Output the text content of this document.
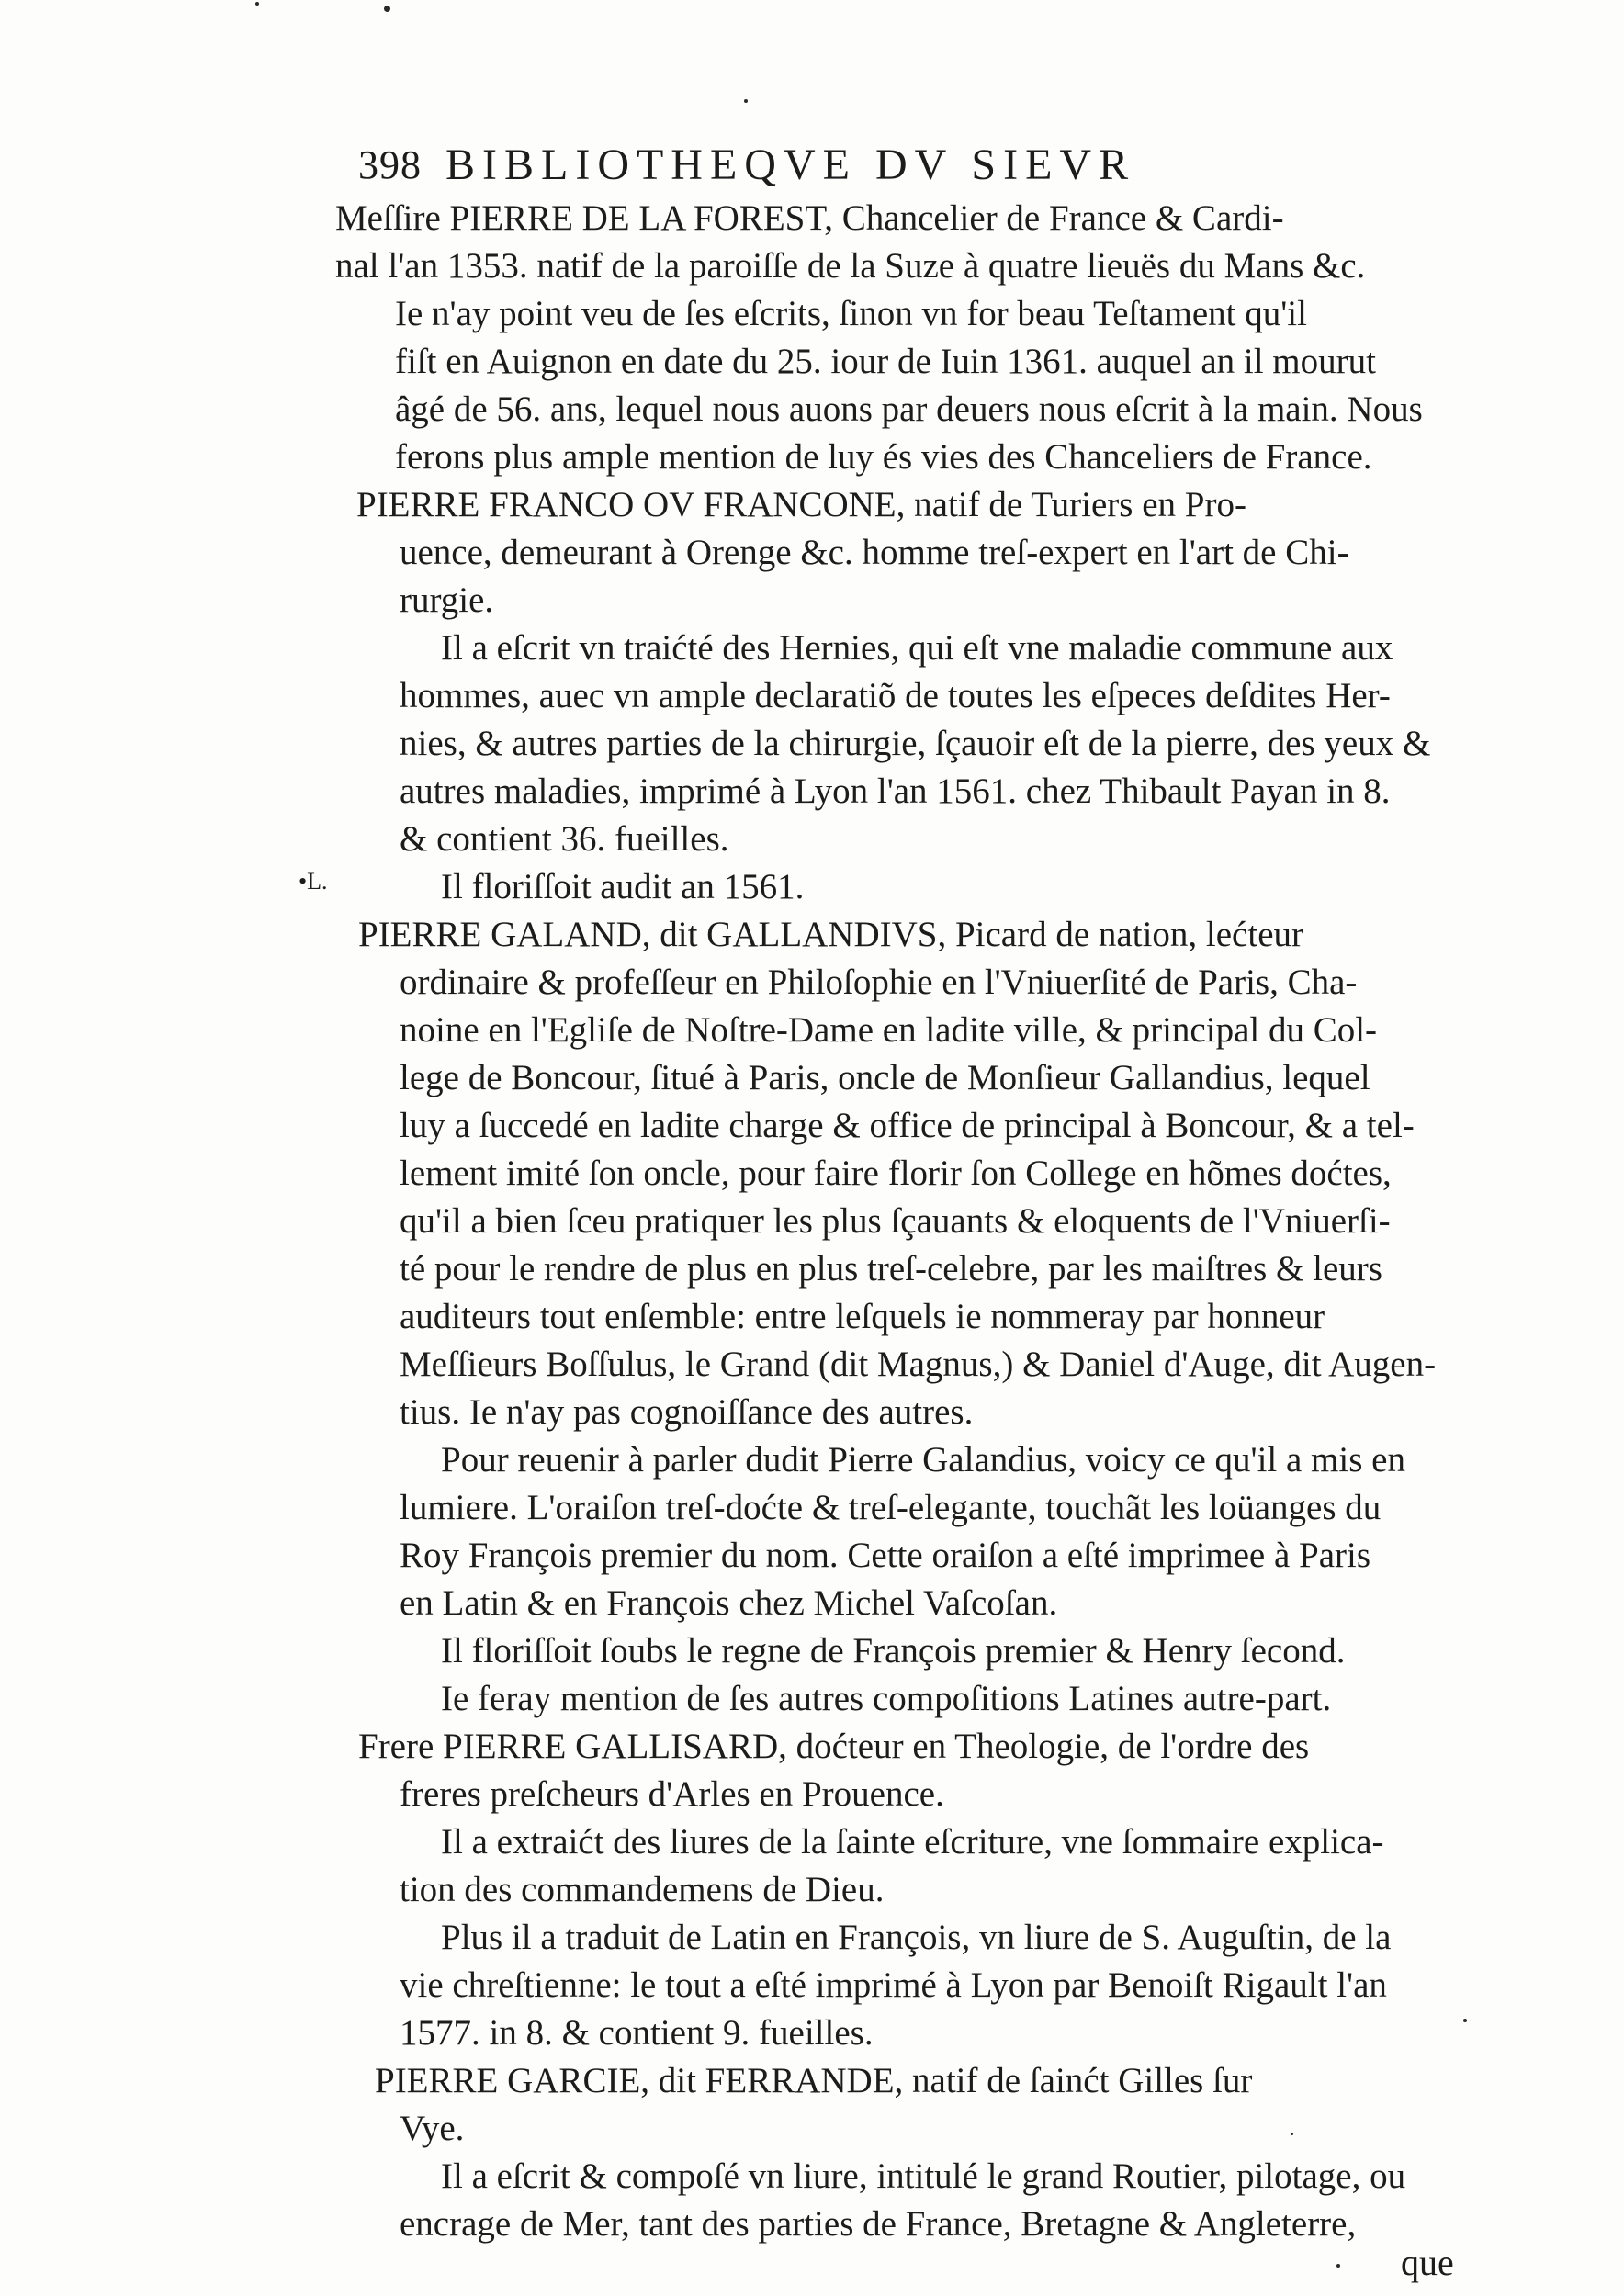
398 BIBLIOTHEQVE DV SIEVR
•L.
Meſſire PIERRE DE LA FOREST, Chancelier de France & Cardi-
nal l'an 1353. natif de la paroiſſe de la Suze à quatre lieuës du Mans &c.
Ie n'ay point veu de ſes eſcrits, ſinon vn for beau Teſtament qu'il
fiſt en Auignon en date du 25. iour de Iuin 1361. auquel an il mourut
âgé de 56. ans, lequel nous auons par deuers nous eſcrit à la main. Nous
ferons plus ample mention de luy és vies des Chanceliers de France.
PIERRE FRANCO OV FRANCONE, natif de Turiers en Pro-
uence, demeurant à Orenge &c. homme treſ-expert en l'art de Chi-
rurgie.
Il a eſcrit vn traićté des Hernies, qui eſt vne maladie commune aux
hommes, auec vn ample declaratiõ de toutes les eſpeces deſdites Her-
nies, & autres parties de la chirurgie, ſçauoir eſt de la pierre, des yeux &
autres maladies, imprimé à Lyon l'an 1561. chez Thibault Payan in 8.
& contient 36. fueilles.
Il floriſſoit audit an 1561.
PIERRE GALAND, dit GALLANDIVS, Picard de nation, lećteur
ordinaire & profeſſeur en Philoſophie en l'Vniuerſité de Paris, Cha-
noine en l'Egliſe de Noſtre-Dame en ladite ville, & principal du Col-
lege de Boncour, ſitué à Paris, oncle de Monſieur Gallandius, lequel
luy a ſuccedé en ladite charge & office de principal à Boncour, & a tel-
lement imité ſon oncle, pour faire florir ſon College en hõmes dоćtes,
qu'il a bien ſceu pratiquer les plus ſçauants & eloquents de l'Vniuerſi-
té pour le rendre de plus en plus treſ-celebre, par les maiſtres & leurs
auditeurs tout enſemble: entre leſquels ie nommeray par honneur
Meſſieurs Boſſulus, le Grand (dit Magnus,) & Daniel d'Auge, dit Augen-
tius. Ie n'ay pas cognoiſſance des autres.
Pour reuenir à parler dudit Pierre Galandius, voicy ce qu'il a mis en
lumiere. L'oraiſon treſ-dоćte & treſ-elegante, touchãt les loüanges du
Roy François premier du nom. Cette oraiſon a eſté imprimee à Paris
en Latin & en François chez Michel Vaſcoſan.
Il floriſſoit ſoubs le regne de François premier & Henry ſecond.
Ie feray mention de ſes autres compoſitions Latines autre-part.
Frere PIERRE GALLISARD, dоćteur en Theologie, de l'ordre des
freres preſcheurs d'Arles en Prouence.
Il a extraićt des liures de la ſainte eſcriture, vne ſommaire explica-
tion des commandemens de Dieu.
Plus il a traduit de Latin en François, vn liure de S. Auguſtin, de la
vie chreſtienne: le tout a eſté imprimé à Lyon par Benoiſt Rigault l'an
1577. in 8. & contient 9. fueilles.
PIERRE GARCIE, dit FERRANDE, natif de ſainćt Gilles ſur
Vye.
Il a eſcrit & compoſé vn liure, intitulé le grand Routier, pilotage, ou
encrage de Mer, tant des parties de France, Bretagne & Angleterre,
que
